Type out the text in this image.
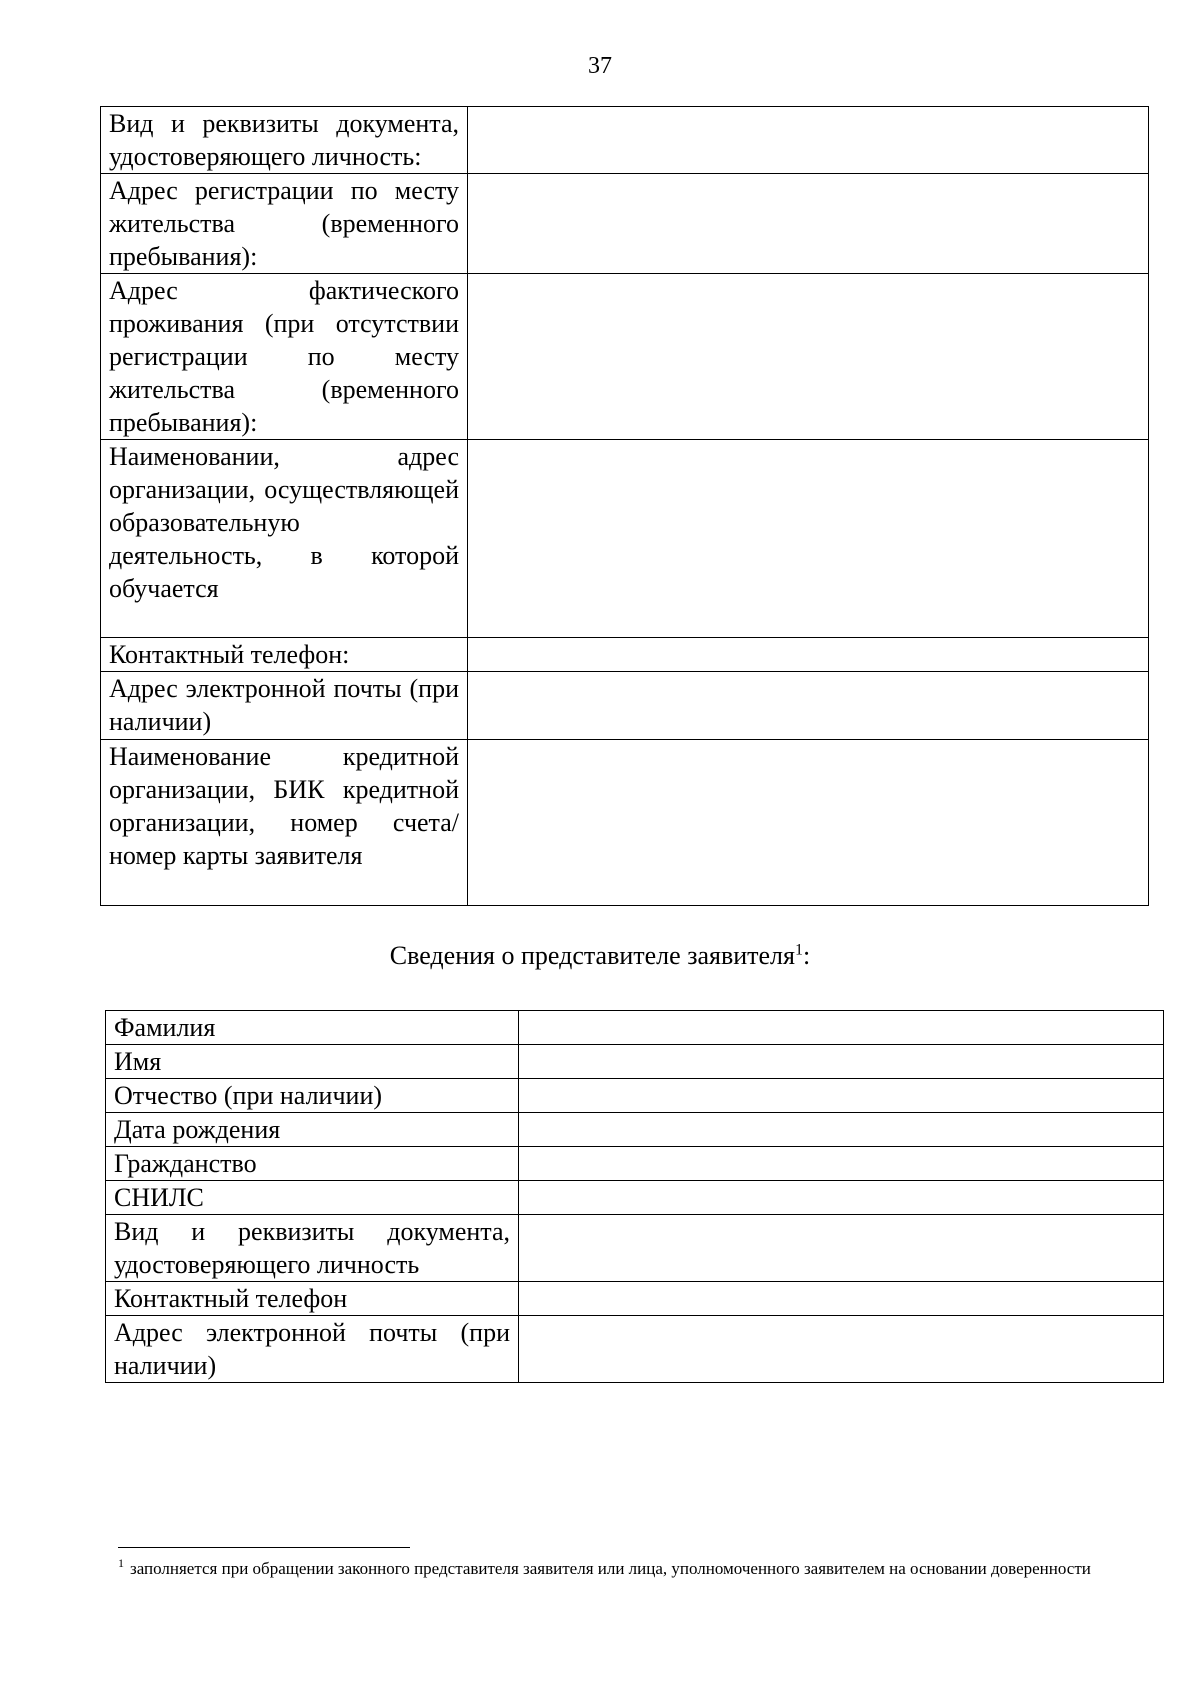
37
Вид и реквизиты документа, удостоверяющего личность:	
Адрес регистрации по месту жительства (временного пребывания):	
Адрес фактического проживания (при отсутствии регистрации по месту жительства (временного пребывания):	
Наименовании, адрес организации, осуществляющей образовательную деятельность, в которой обучается	
Контактный телефон:	
Адрес электронной почты (при наличии)	
Наименование кредитной организации, БИК кредитной организации, номер счета/номер карты заявителя	
Сведения о представителе заявителя$^1$:
Фамилия	
Имя	
Отчество (при наличии)	
Дата рождения	
Гражданство	
СНИЛС	
Вид и реквизиты документа, удостоверяющего личность	
Контактный телефон	
Адрес электронной почты (при наличии)	
$^1$ заполняется при обращении законного представителя заявителя или лица, уполномоченного заявителем на основании доверенности
